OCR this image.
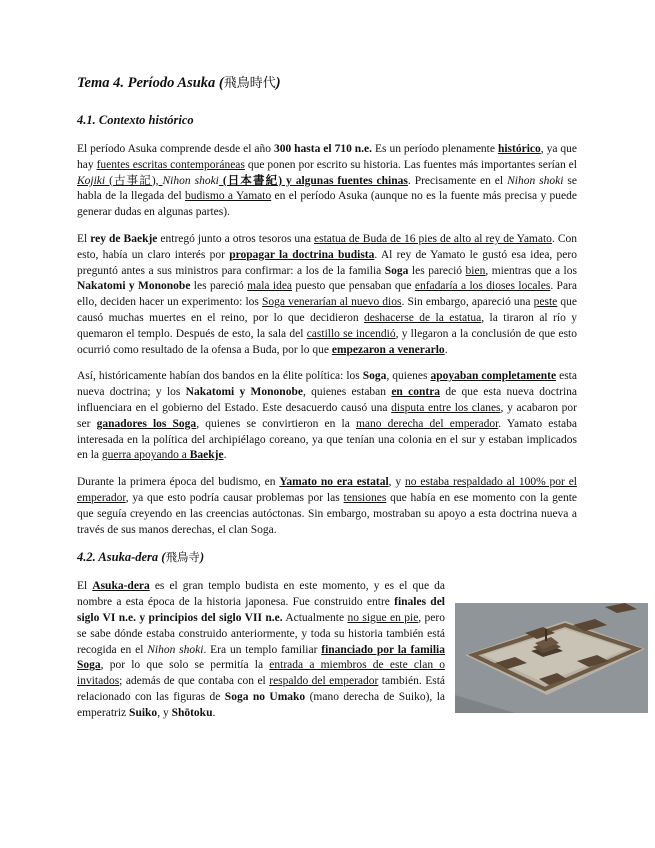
Tema 4. Período Asuka (飛鳥時代)
4.1. Contexto histórico

El período Asuka comprende desde el año 300 hasta el 710 n.e. Es un período plenamente histórico, ya que hay fuentes escritas contemporáneas que ponen por escrito su historia. Las fuentes más importantes serían el Kojiki (古事記), Nihon shoki (日本書紀) y algunas fuentes chinas. Precisamente en el Nihon shoki se habla de la llegada del budismo a Yamato en el período Asuka (aunque no es la fuente más precisa y puede generar dudas en algunas partes).

El rey de Baekje entregó junto a otros tesoros una estatua de Buda de 16 pies de alto al rey de Yamato. Con esto, había un claro interés por propagar la doctrina budista. Al rey de Yamato le gustó esa idea, pero preguntó antes a sus ministros para confirmar: a los de la familia Soga les pareció bien, mientras que a los Nakatomi y Mononobe les pareció mala idea puesto que pensaban que enfadaría a los dioses locales. Para ello, deciden hacer un experimento: los Soga venerarían al nuevo dios. Sin embargo, apareció una peste que causó muchas muertes en el reino, por lo que decidieron deshacerse de la estatua, la tiraron al río y quemaron el templo. Después de esto, la sala del castillo se incendió, y llegaron a la conclusión de que esto ocurrió como resultado de la ofensa a Buda, por lo que empezaron a venerarlo.

Así, históricamente habían dos bandos en la élite política: los Soga, quienes apoyaban completamente esta nueva doctrina; y los Nakatomi y Mononobe, quienes estaban en contra de que esta nueva doctrina influenciara en el gobierno del Estado. Este desacuerdo causó una disputa entre los clanes, y acabaron por ser ganadores los Soga, quienes se convirtieron en la mano derecha del emperador. Yamato estaba interesada en la política del archipiélago coreano, ya que tenían una colonia en el sur y estaban implicados en la guerra apoyando a Baekje.

Durante la primera época del budismo, en Yamato no era estatal, y no estaba respaldado al 100% por el emperador, ya que esto podría causar problemas por las tensiones que había en ese momento con la gente que seguía creyendo en las creencias autóctonas. Sin embargo, mostraban su apoyo a esta doctrina nueva a través de sus manos derechas, el clan Soga.

4.2. Asuka-dera (飛鳥寺)

El Asuka-dera es el gran templo budista en este momento, y es el que da nombre a esta época de la historia japonesa. Fue construido entre finales del siglo VI n.e. y principios del siglo VII n.e. Actualmente no sigue en pie, pero se sabe dónde estaba construido anteriormente, y toda su historia también está recogida en el Nihon shoki. Era un templo familiar financiado por la familia Soga, por lo que solo se permitía la entrada a miembros de este clan o invitados; además de que contaba con el respaldo del emperador también. Está relacionado con las figuras de Soga no Umako (mano derecha de Suiko), la emperatriz Suiko, y Shōtoku.
